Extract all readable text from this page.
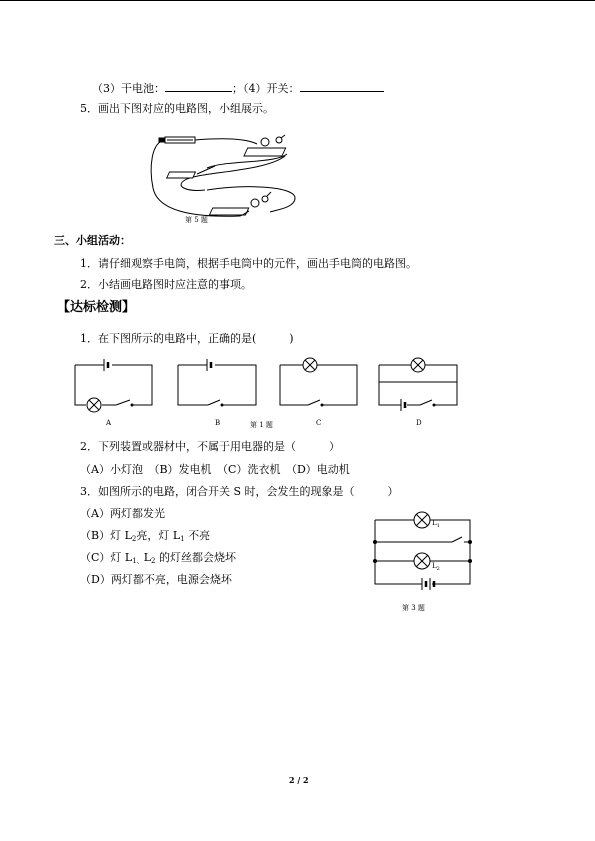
（3）干电池：	；（4）开关：
5．画出下图对应的电路图，小组展示。
第 5 题
三、小组活动：
1．请仔细观察手电筒，根据手电筒中的元件，画出手电筒的电路图。
2．小结画电路图时应注意的事项。
【达标检测】
1．在下图所示的电路中，正确的是(　　　)
A	B	第 1 题	C	D
2．下列装置或器材中，不属于用电器的是（　　　）
（A）小灯泡　（B）发电机　（C）洗衣机　（D）电动机
3．如图所示的电路，闭合开关 S 时，会发生的现象是（　　　）
（A）两灯都发光
（B）灯 $L_2$亮，灯 $L_1$ 不亮
（C）灯 $L_{1、}L_2$ 的灯丝都会烧坏
（D）两灯都不亮，电源会烧坏
$L_1$
$L_2$
第 3 题
2 / 2
